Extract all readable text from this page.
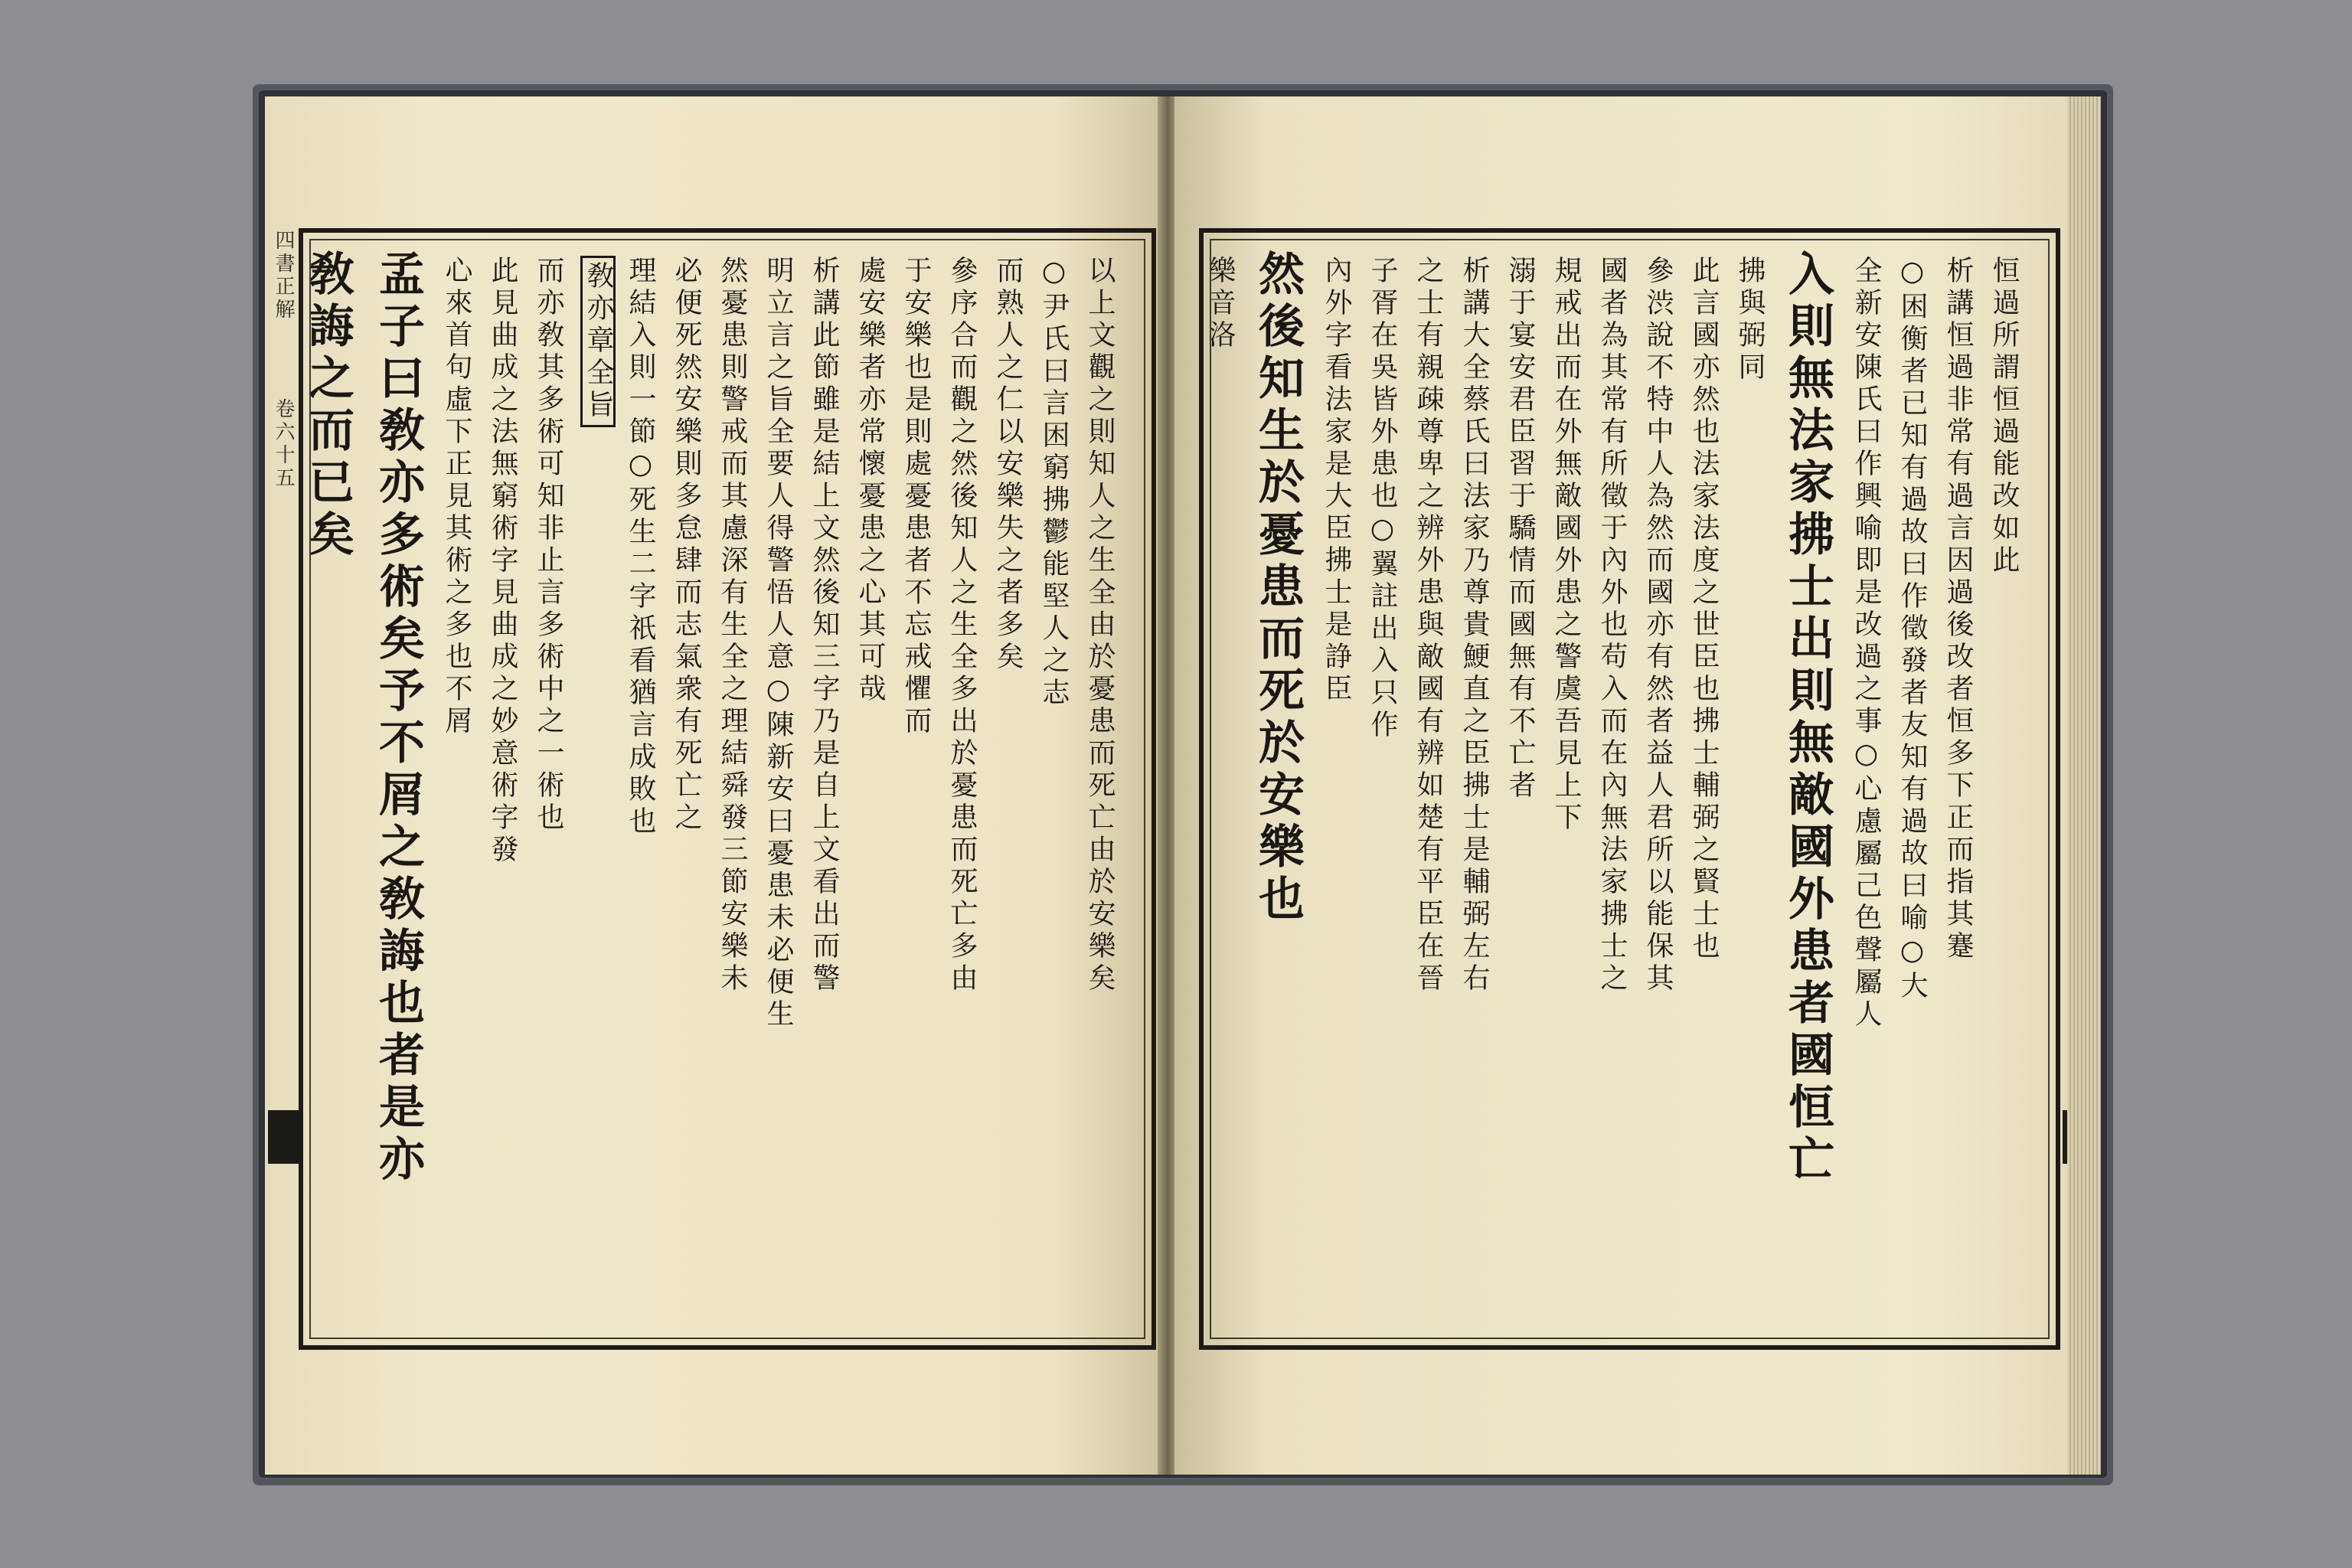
以上文觀之則知人之生全由於憂患而死亡由於安樂矣
○尹氏曰言困窮拂鬱能堅人之志
而熟人之仁以安樂失之者多矣
參序合而觀之然後知人之生全多出於憂患而死亡多由
于安樂也是則處憂患者不忘戒懼而
處安樂者亦常懷憂患之心其可哉
析講此節雖是結上文然後知三字乃是自上文看出而警
明立言之旨全要人得警悟人意○陳新安曰憂患未必便生
然憂患則警戒而其慮深有生全之理結舜發三節安樂未
必便死然安樂則多怠肆而志氣衆有死亡之
理結入則一節○死生二字祇看猶言成敗也
敎亦章全旨
而亦敎其多術可知非止言多術中之一術也
此見曲成之法無窮術字見曲成之妙意術字發
心來首句虛下正見其術之多也不屑
孟子曰敎亦多術矣予不屑之敎誨也者是亦
敎誨之而已矣
四書正解
卷六十五	恒過所謂恒過能改如此
析講恒過非常有過言因過後改者恒多下正而指其蹇
○困衡者已知有過故曰作徵發者友知有過故曰喻○大
全新安陳氏曰作興喻即是改過之事○心慮屬己色聲屬人
入則無法家拂士出則無敵國外患者國恒亡
拂與弼同
此言國亦然也法家法度之世臣也拂士輔弼之賢士也
參渋說不特中人為然而國亦有然者益人君所以能保其
國者為其常有所徵于內外也苟入而在內無法家拂士之
規戒出而在外無敵國外患之警虞吾見上下
溺于宴安君臣習于驕情而國無有不亡者
析講大全蔡氏曰法家乃尊貴鯁直之臣拂士是輔弼左右
之士有親疎尊卑之辨外患與敵國有辨如楚有平臣在晉
子胥在吳皆外患也○翼註出入只作
內外字看法家是大臣拂士是諍臣
然後知生於憂患而死於安樂也
樂音洛
